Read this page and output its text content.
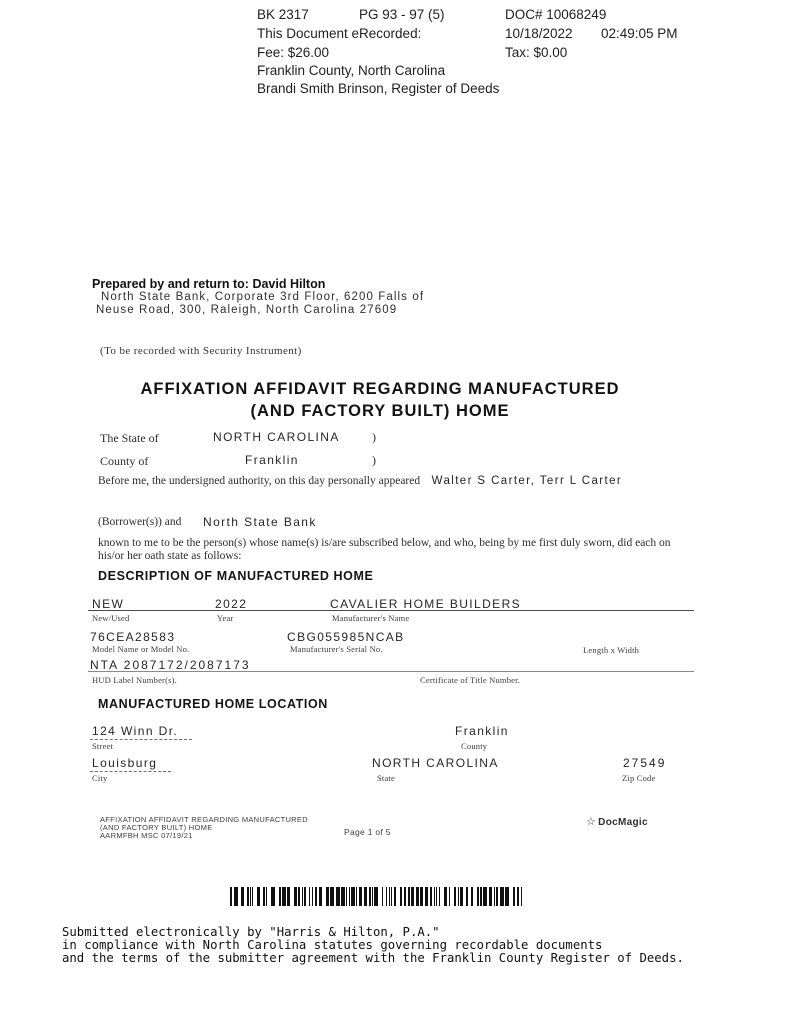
BK 2317	PG 93 - 97 (5)	DOC# 10068249
This Document eRecorded:	10/18/2022 02:49:05 PM
Fee: $26.00	Tax: $0.00
Franklin County, North Carolina
Brandi Smith Brinson, Register of Deeds
Prepared by and return to: David Hilton
North State Bank, Corporate 3rd Floor, 6200 Falls of
Neuse Road, 300, Raleigh, North Carolina 27609
(To be recorded with Security Instrument)
AFFIXATION AFFIDAVIT REGARDING MANUFACTURED
(AND FACTORY BUILT) HOME
The State of	NORTH CAROLINA	)
County of	Franklin	)
Before me, the undersigned authority, on this day personally appeared Walter S Carter, Terr L Carter
(Borrower(s)) and North State Bank
known to me to be the person(s) whose name(s) is/are subscribed below, and who, being by me first duly sworn, did each on his/or her oath state as follows:
DESCRIPTION OF MANUFACTURED HOME
NEW	2022	CAVALIER HOME BUILDERS
New/Used	Year	Manufacturer's Name
76CEA28583	CBG055985NCAB
Model Name or Model No.	Manufacturer's Serial No.	Length x Width
NTA 2087172/2087173
HUD Label Number(s).	Certificate of Title Number.
MANUFACTURED HOME LOCATION
124 Winn Dr.	Franklin
Street	County
Louisburg	NORTH CAROLINA	27549
City	State	Zip Code
AFFIXATION AFFIDAVIT REGARDING MANUFACTURED
(AND FACTORY BUILT) HOME
AARMFBH MSC 07/19/21	Page 1 of 5
☆ DocMagic
Submitted electronically by "Harris & Hilton, P.A."
in compliance with North Carolina statutes governing recordable documents
and the terms of the submitter agreement with the Franklin County Register of Deeds.
